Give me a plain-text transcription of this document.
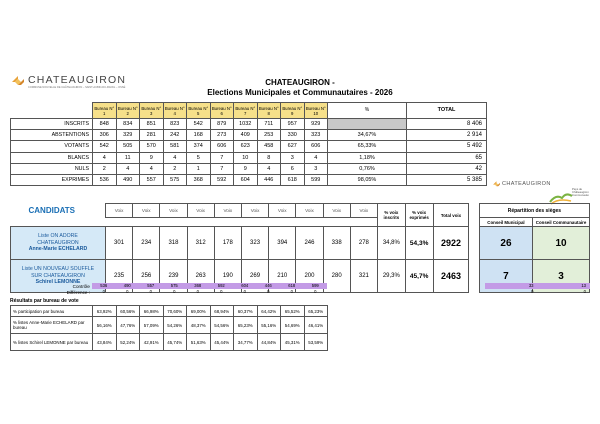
CHATEAUGIRON
COMMUNE NOUVELLE DE CHÂTEAUGIRON – SAINT-AUBIN-DU-PAVAIL – OSSÉ
CHATEAUGIRON -
Elections Municipales et Communautaires - 2026
	Bureau N° 1	Bureau N° 2	Bureau N° 3	Bureau N° 4	Bureau N° 5	Bureau N° 6	Bureau N° 7	Bureau N° 8	Bureau N° 9	Bureau N° 10	%	TOTAL
INSCRITS	848	834	851	823	542	879	1032	711	957	929		8 406
ABSTENTIONS	306	329	281	242	168	273	409	253	330	323	34,67%	2 914
VOTANTS	542	505	570	581	374	606	623	458	627	606	65,33%	5 492
BLANCS	4	11	9	4	5	7	10	8	3	4	1,18%	65
NULS	2	4	4	2	1	7	9	4	6	3	0,76%	42
EXPRIMES	536	490	557	575	368	592	604	446	618	599	98,05%	5 385
CHATEAUGIRON
Pays de Châteaugiron Communauté
CANDIDATS	Voix	Voix	Voix	Voix	Voix	Voix	Voix	Voix	Voix	Voix	% voix inscrits	% voix exprimés	Total voix		Répartition des sièges	
															Conseil Municipal	Conseil Communautaire

Liste ON ADORE
CHATEAUGIRON
Anne-Marie ECHELARD	301	234	318	312	178	323	394	246	338	278	34,8%	54,3%	2922		26	10

Liste UN NOUVEAU SOUFFLE
SUR CHATEAUGIRON
Schirel LEMONNE	235	256	239	263	190	269	210	200	280	321	29,3%	45,7%	2463		7	3
Contrôle
Différence :
536	490	557	575	368	592	604	446	618	599
0	0	0	0	0	0	0	0	0	0
33	13
0	0
Résultats par bureau de vote
% participation par bureau	63,92%	60,56%	66,98%	70,60%	69,00%	68,94%	60,37%	64,42%	65,52%	65,23%
% listes Anne-Marie ECHELARD par bureau	56,16%	47,76%	57,09%	54,26%	48,37%	54,56%	65,23%	55,16%	54,69%	46,41%
% listes Schirel LEMONNE par bureau	43,84%	52,24%	42,91%	45,74%	51,63%	45,44%	34,77%	44,84%	45,31%	53,59%
